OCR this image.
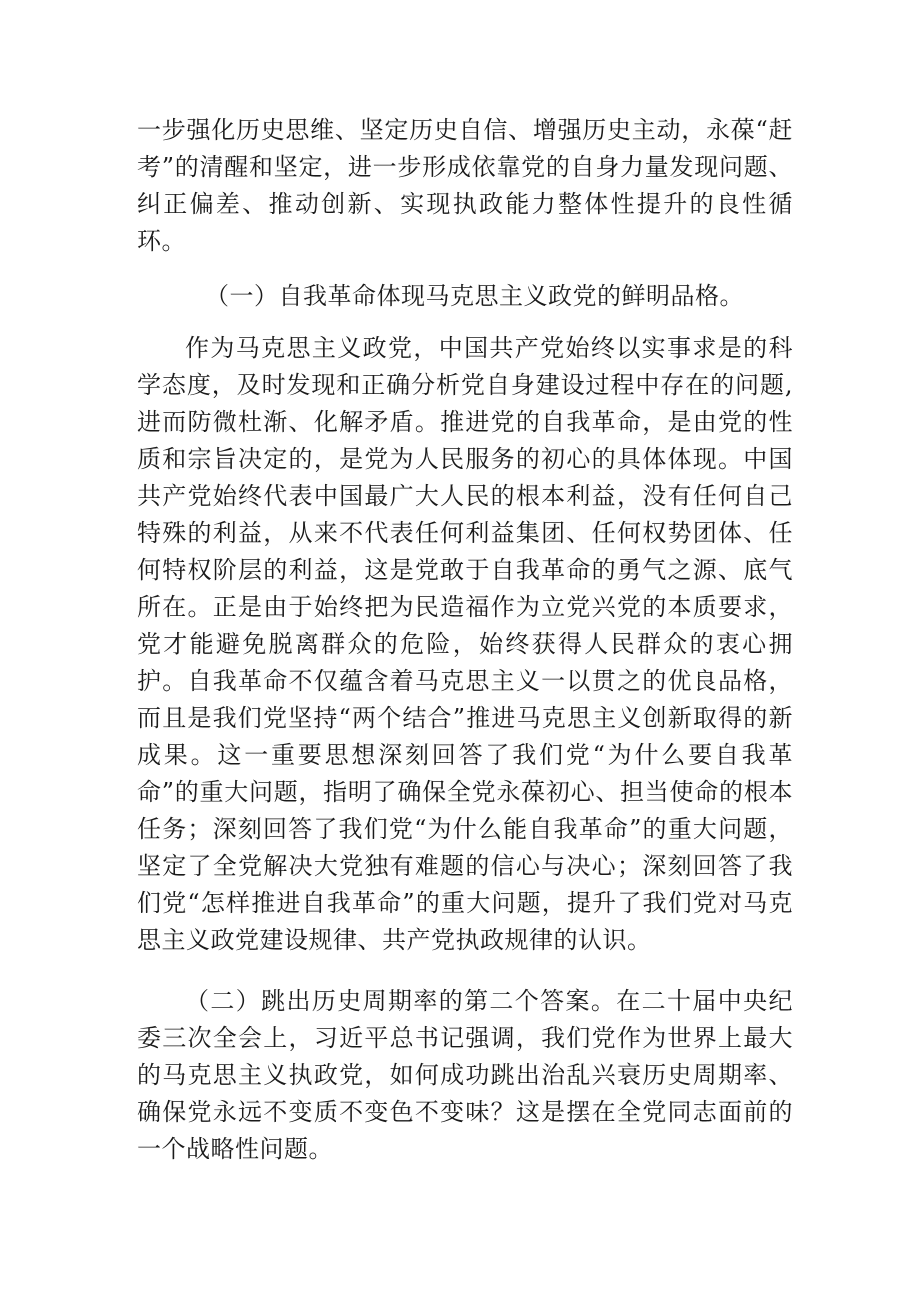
一步强化历史思维、坚定历史自信、增强历史主动，永葆“赶考”的清醒和坚定，进一步形成依靠党的自身力量发现问题、纠正偏差、推动创新、实现执政能力整体性提升的良性循环。

（一）自我革命体现马克思主义政党的鲜明品格。

作为马克思主义政党，中国共产党始终以实事求是的科学态度，及时发现和正确分析党自身建设过程中存在的问题,进而防微杜渐、化解矛盾。推进党的自我革命，是由党的性质和宗旨决定的，是党为人民服务的初心的具体体现。中国共产党始终代表中国最广大人民的根本利益，没有任何自己特殊的利益，从来不代表任何利益集团、任何权势团体、任何特权阶层的利益，这是党敢于自我革命的勇气之源、底气所在。正是由于始终把为民造福作为立党兴党的本质要求，党才能避免脱离群众的危险，始终获得人民群众的衷心拥护。自我革命不仅蕴含着马克思主义一以贯之的优良品格，而且是我们党坚持“两个结合”推进马克思主义创新取得的新成果。这一重要思想深刻回答了我们党“为什么要自我革命”的重大问题，指明了确保全党永葆初心、担当使命的根本任务；深刻回答了我们党“为什么能自我革命”的重大问题，坚定了全党解决大党独有难题的信心与决心；深刻回答了我们党“怎样推进自我革命”的重大问题，提升了我们党对马克思主义政党建设规律、共产党执政规律的认识。

（二）跳出历史周期率的第二个答案。在二十届中央纪委三次全会上，习近平总书记强调，我们党作为世界上最大的马克思主义执政党，如何成功跳出治乱兴衰历史周期率、确保党永远不变质不变色不变味？这是摆在全党同志面前的一个战略性问题。
